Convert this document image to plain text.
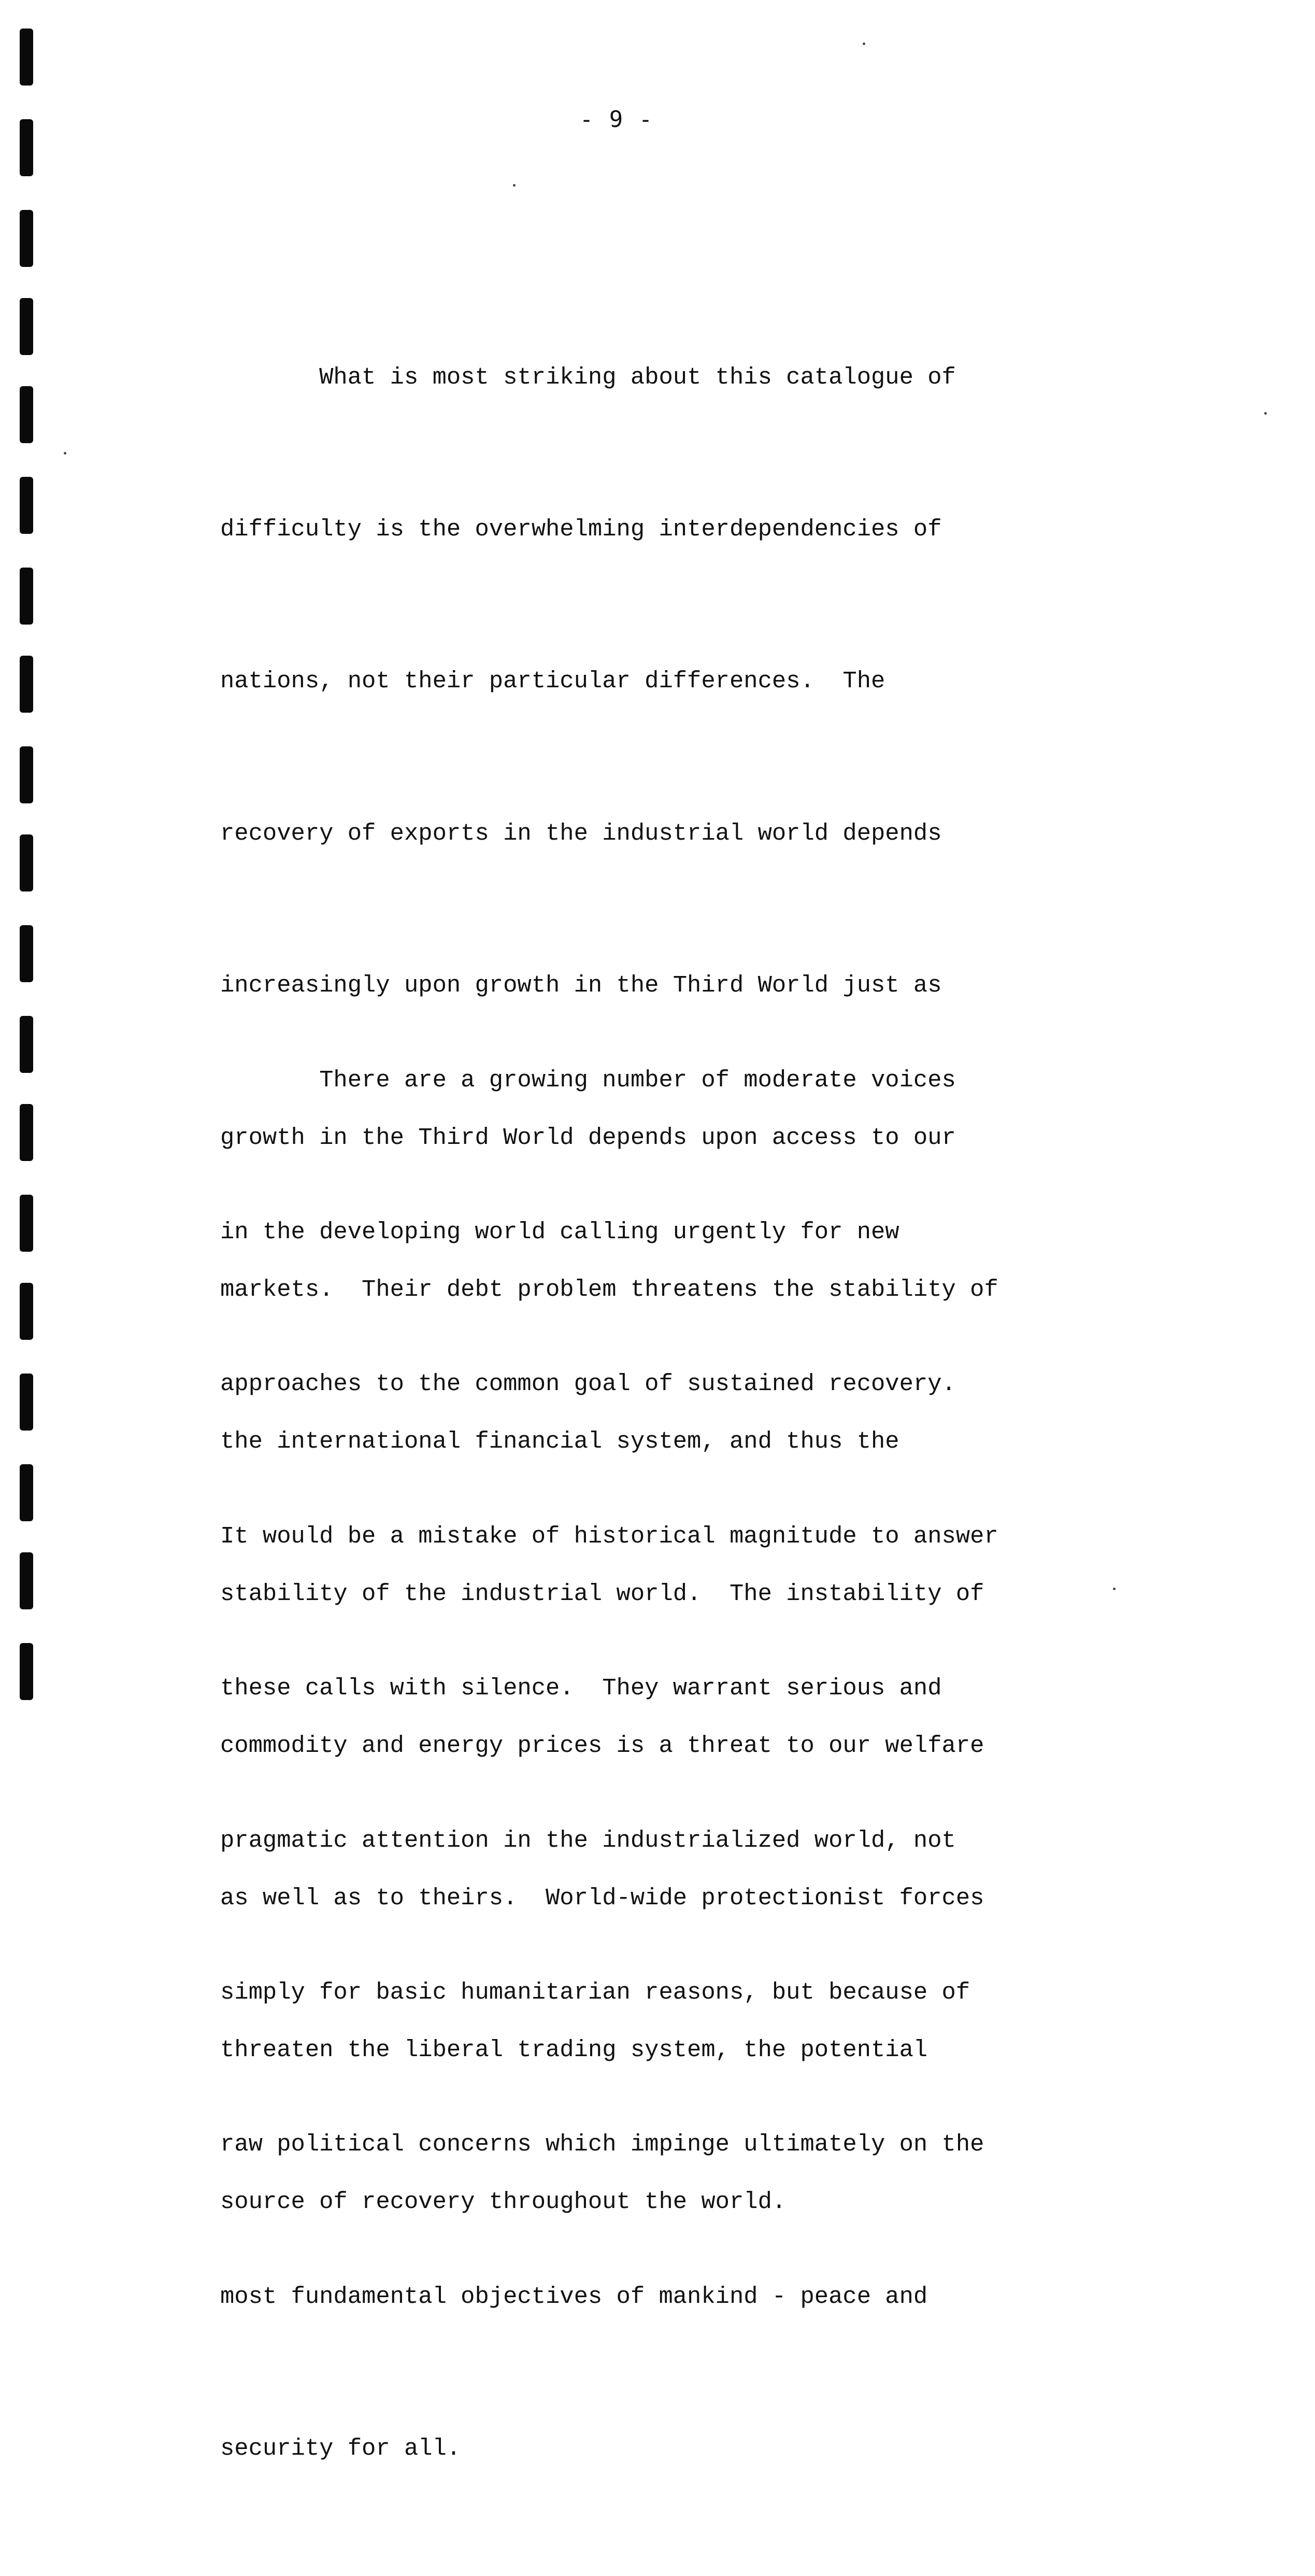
- 9 -

What is most striking about this catalogue of

difficulty is the overwhelming interdependencies of

nations, not their particular differences.  The

recovery of exports in the industrial world depends

increasingly upon growth in the Third World just as

growth in the Third World depends upon access to our

markets.  Their debt problem threatens the stability of

the international financial system, and thus the

stability of the industrial world.  The instability of

commodity and energy prices is a threat to our welfare

as well as to theirs.  World-wide protectionist forces

threaten the liberal trading system, the potential

source of recovery throughout the world.

There are a growing number of moderate voices

in the developing world calling urgently for new

approaches to the common goal of sustained recovery.

It would be a mistake of historical magnitude to answer

these calls with silence.  They warrant serious and

pragmatic attention in the industrialized world, not

simply for basic humanitarian reasons, but because of

raw political concerns which impinge ultimately on the

most fundamental objectives of mankind - peace and

security for all.
